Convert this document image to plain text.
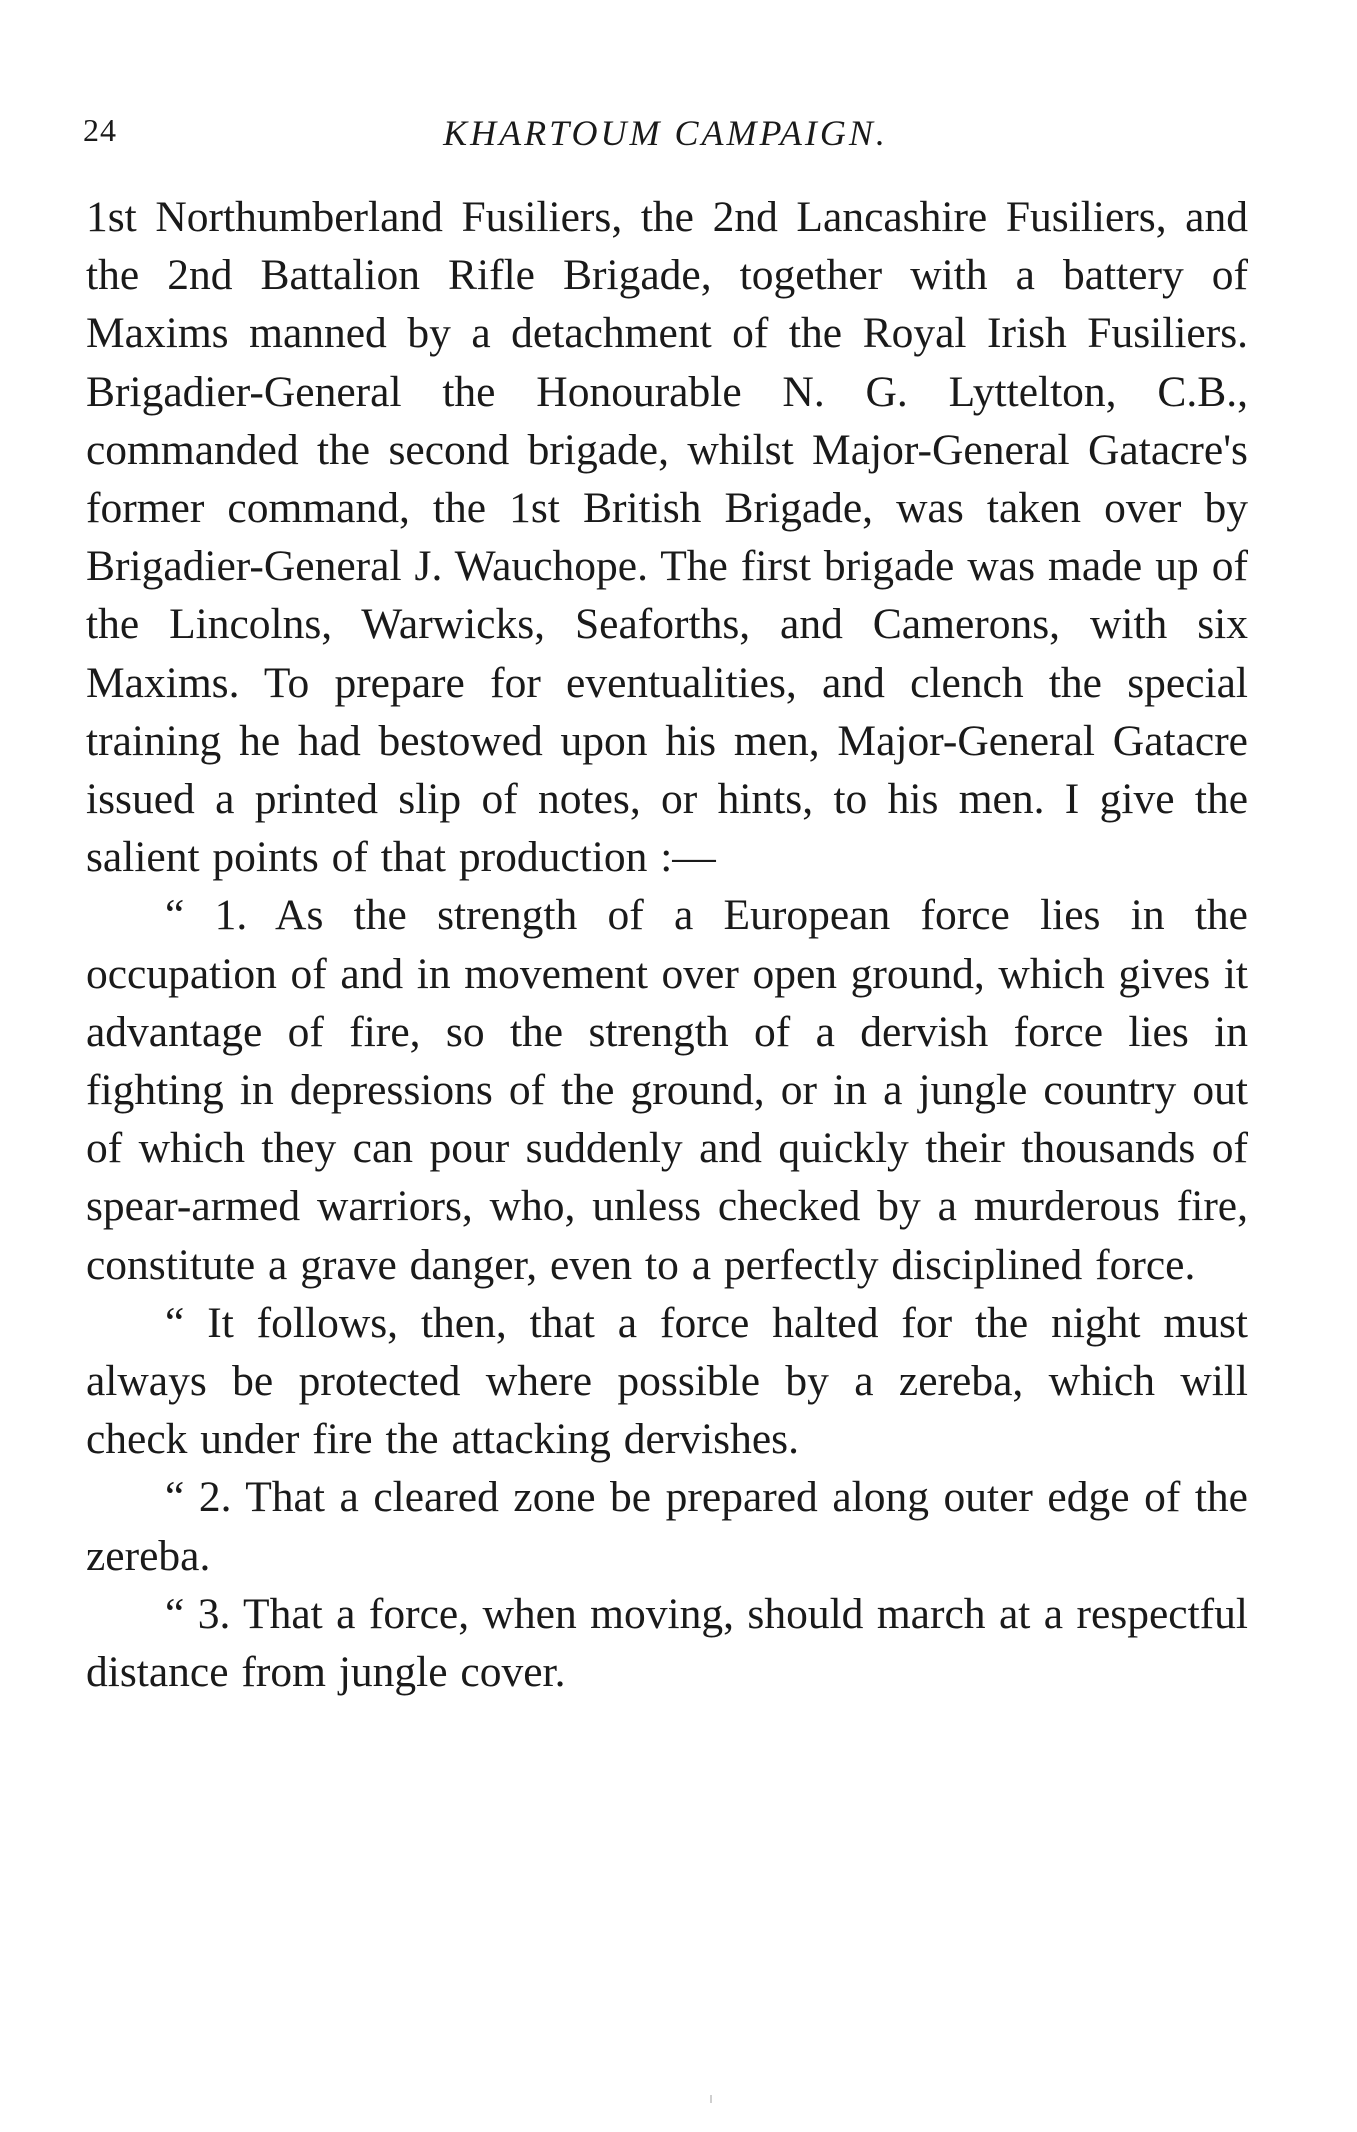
24	KHARTOUM CAMPAIGN.

1st Northumberland Fusiliers, the 2nd Lancashire Fusiliers, and the 2nd Battalion Rifle Brigade, together with a battery of Maxims manned by a detachment of the Royal Irish Fusiliers. Brigadier-General the Honourable N. G. Lyttelton, C.B., commanded the second brigade, whilst Major-General Gatacre's former command, the 1st British Brigade, was taken over by Brigadier-General J. Wauchope. The first brigade was made up of the Lincolns, Warwicks, Seaforths, and Camerons, with six Maxims. To prepare for eventualities, and clench the special training he had bestowed upon his men, Major-General Gatacre issued a printed slip of notes, or hints, to his men. I give the salient points of that production :—

“ 1. As the strength of a European force lies in the occupation of and in movement over open ground, which gives it advantage of fire, so the strength of a dervish force lies in fighting in depressions of the ground, or in a jungle country out of which they can pour suddenly and quickly their thousands of spear-armed warriors, who, unless checked by a murderous fire, constitute a grave danger, even to a perfectly disciplined force.

“ It follows, then, that a force halted for the night must always be protected where possible by a zereba, which will check under fire the attacking dervishes.

“ 2. That a cleared zone be prepared along outer edge of the zereba.

“ 3. That a force, when moving, should march at a respectful distance from jungle cover.
